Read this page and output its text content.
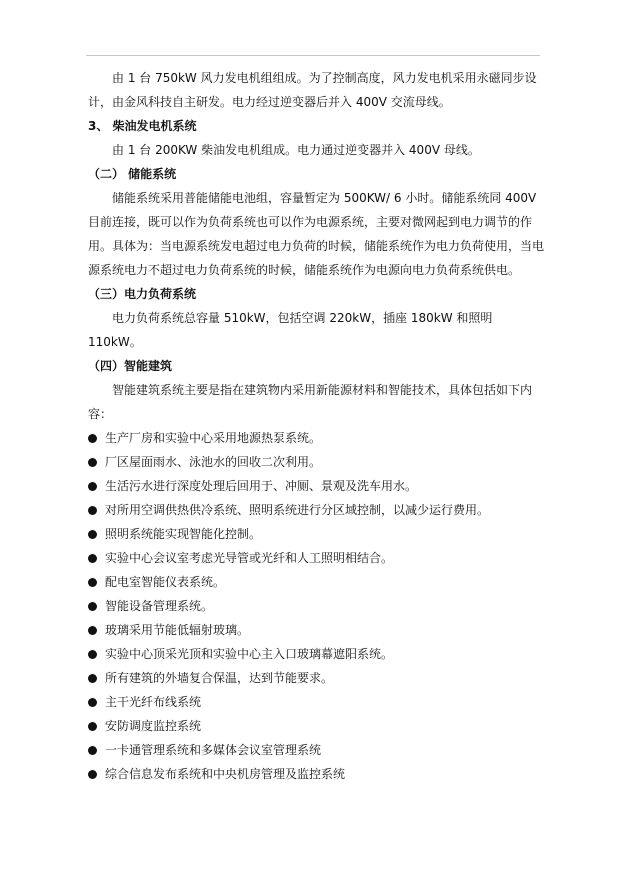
由 1 台 750kW 风力发电机组组成。为了控制高度，风力发电机采用永磁同步设计，由金风科技自主研发。电力经过逆变器后并入 400V 交流母线。

3、 柴油发电机系统

由 1 台 200KW 柴油发电机组成。电力通过逆变器并入 400V 母线。

（二） 储能系统

储能系统采用普能储能电池组，容量暂定为 500KW/ 6 小时。储能系统同 400V 目前连接，既可以作为负荷系统也可以作为电源系统，主要对微网起到电力调节的作用。具体为：当电源系统发电超过电力负荷的时候，储能系统作为电力负荷使用，当电源系统电力不超过电力负荷系统的时候，储能系统作为电源向电力负荷系统供电。

（三）电力负荷系统

电力负荷系统总容量 510kW，包括空调 220kW，插座 180kW 和照明 110kW。

（四）智能建筑

智能建筑系统主要是指在建筑物内采用新能源材料和智能技术，具体包括如下内容：

生产厂房和实验中心采用地源热泵系统。
厂区屋面雨水、泳池水的回收二次利用。
生活污水进行深度处理后回用于、冲厕、景观及洗车用水。
对所用空调供热供冷系统、照明系统进行分区域控制，以减少运行费用。
照明系统能实现智能化控制。
实验中心会议室考虑光导管或光纤和人工照明相结合。
配电室智能仪表系统。
智能设备管理系统。
玻璃采用节能低辐射玻璃。
实验中心顶采光顶和实验中心主入口玻璃幕遮阳系统。
所有建筑的外墙复合保温，达到节能要求。
主干光纤布线系统
安防调度监控系统
一卡通管理系统和多媒体会议室管理系统
综合信息发布系统和中央机房管理及监控系统
